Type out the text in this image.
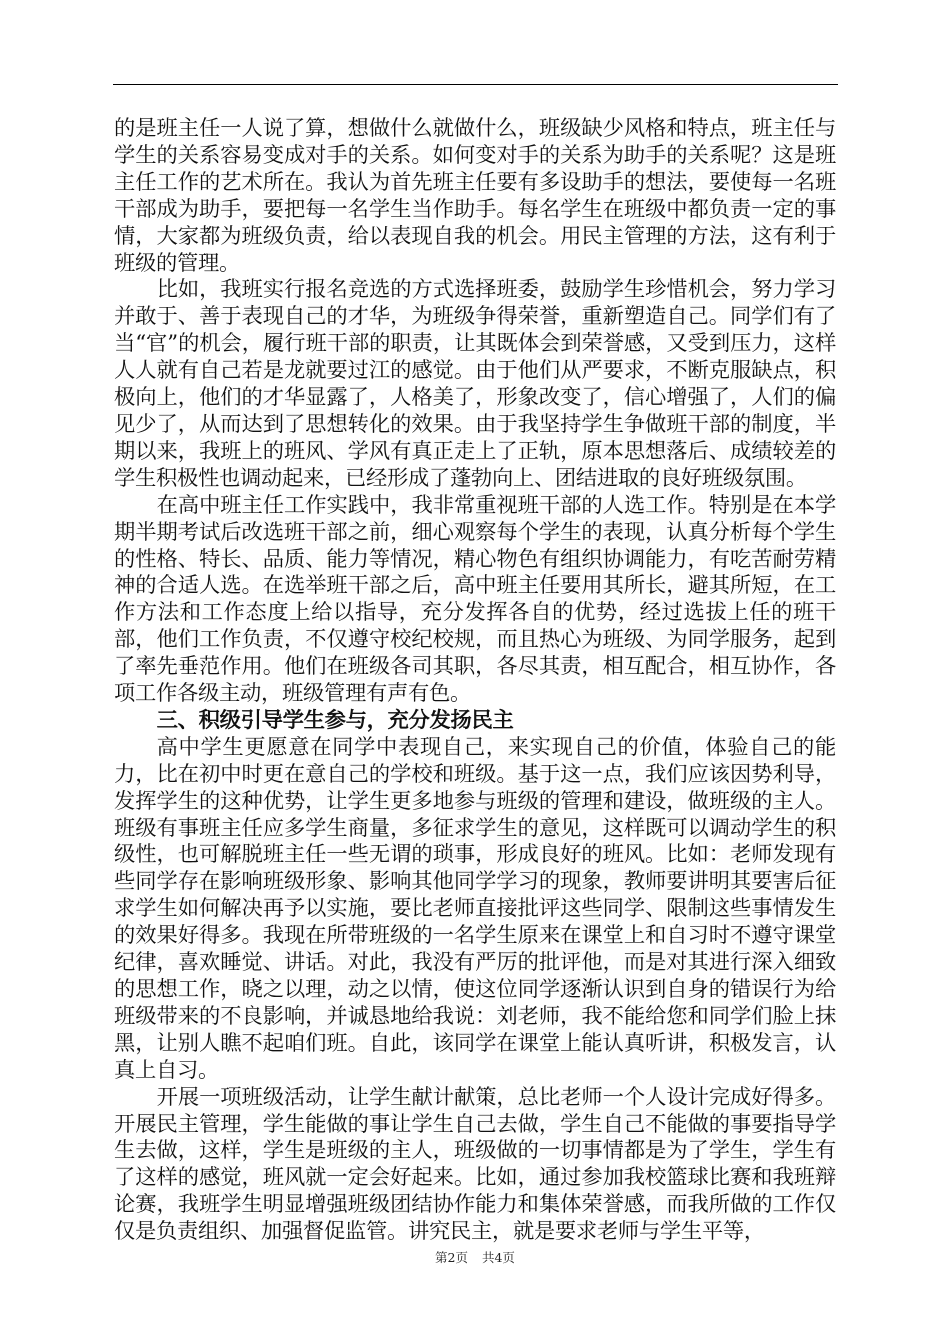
的是班主任一人说了算，想做什么就做什么，班级缺少风格和特点，班主任与学生的关系容易变成对手的关系。如何变对手的关系为助手的关系呢？这是班主任工作的艺术所在。我认为首先班主任要有多设助手的想法，要使每一名班干部成为助手，要把每一名学生当作助手。每名学生在班级中都负责一定的事情，大家都为班级负责，给以表现自我的机会。用民主管理的方法，这有利于班级的管理。

比如，我班实行报名竞选的方式选择班委，鼓励学生珍惜机会，努力学习并敢于、善于表现自己的才华，为班级争得荣誉，重新塑造自己。同学们有了当“官”的机会，履行班干部的职责，让其既体会到荣誉感，又受到压力，这样人人就有自己若是龙就要过江的感觉。由于他们从严要求，不断克服缺点，积极向上，他们的才华显露了，人格美了，形象改变了，信心增强了，人们的偏见少了，从而达到了思想转化的效果。由于我坚持学生争做班干部的制度，半期以来，我班上的班风、学风有真正走上了正轨，原本思想落后、成绩较差的学生积极性也调动起来，已经形成了蓬勃向上、团结进取的良好班级氛围。

在高中班主任工作实践中，我非常重视班干部的人选工作。特别是在本学期半期考试后改选班干部之前，细心观察每个学生的表现，认真分析每个学生的性格、特长、品质、能力等情况，精心物色有组织协调能力，有吃苦耐劳精神的合适人选。在选举班干部之后，高中班主任要用其所长，避其所短，在工作方法和工作态度上给以指导，充分发挥各自的优势，经过选拔上任的班干部，他们工作负责，不仅遵守校纪校规，而且热心为班级、为同学服务，起到了率先垂范作用。他们在班级各司其职，各尽其责，相互配合，相互协作，各项工作各级主动，班级管理有声有色。

三、积级引导学生参与，充分发扬民主

高中学生更愿意在同学中表现自己，来实现自己的价值，体验自己的能力，比在初中时更在意自己的学校和班级。基于这一点，我们应该因势利导，发挥学生的这种优势，让学生更多地参与班级的管理和建设，做班级的主人。班级有事班主任应多学生商量，多征求学生的意见，这样既可以调动学生的积级性，也可解脱班主任一些无谓的琐事，形成良好的班风。比如：老师发现有些同学存在影响班级形象、影响其他同学学习的现象，教师要讲明其要害后征求学生如何解决再予以实施，要比老师直接批评这些同学、限制这些事情发生的效果好得多。我现在所带班级的一名学生原来在课堂上和自习时不遵守课堂纪律，喜欢睡觉、讲话。对此，我没有严厉的批评他，而是对其进行深入细致的思想工作，晓之以理，动之以情，使这位同学逐渐认识到自身的错误行为给班级带来的不良影响，并诚恳地给我说：刘老师，我不能给您和同学们脸上抹黑，让别人瞧不起咱们班。自此，该同学在课堂上能认真听讲，积极发言，认真上自习。

开展一项班级活动，让学生献计献策，总比老师一个人设计完成好得多。开展民主管理，学生能做的事让学生自己去做，学生自己不能做的事要指导学生去做，这样，学生是班级的主人，班级做的一切事情都是为了学生，学生有了这样的感觉，班风就一定会好起来。比如，通过参加我校篮球比赛和我班辩论赛，我班学生明显增强班级团结协作能力和集体荣誉感，而我所做的工作仅仅是负责组织、加强督促监管。讲究民主，就是要求老师与学生平等，

第2页 共4页
